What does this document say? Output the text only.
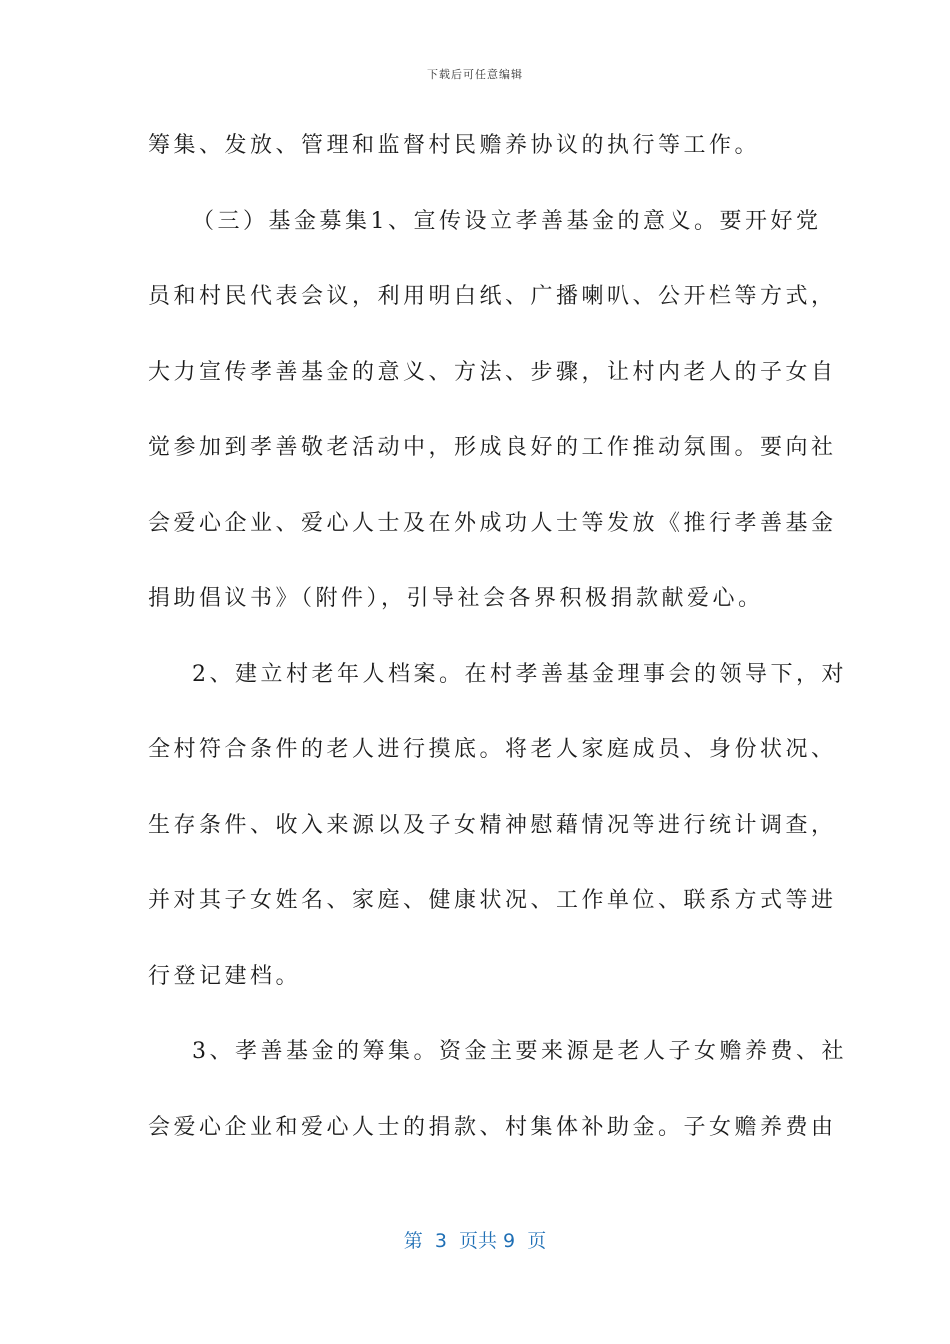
下载后可任意编辑
筹集、发放、管理和监督村民赡养协议的执行等工作。
（三）基金募集1、宣传设立孝善基金的意义。要开好党
员和村民代表会议，利用明白纸、广播喇叭、公开栏等方式，
大力宣传孝善基金的意义、方法、步骤，让村内老人的子女自
觉参加到孝善敬老活动中，形成良好的工作推动氛围。要向社
会爱心企业、爱心人士及在外成功人士等发放《推行孝善基金
捐助倡议书》（附件），引导社会各界积极捐款献爱心。
2、建立村老年人档案。在村孝善基金理事会的领导下，对
全村符合条件的老人进行摸底。将老人家庭成员、身份状况、
生存条件、收入来源以及子女精神慰藉情况等进行统计调查，
并对其子女姓名、家庭、健康状况、工作单位、联系方式等进
行登记建档。
3、孝善基金的筹集。资金主要来源是老人子女赡养费、社
会爱心企业和爱心人士的捐款、村集体补助金。子女赡养费由
第  3  页共 9  页
